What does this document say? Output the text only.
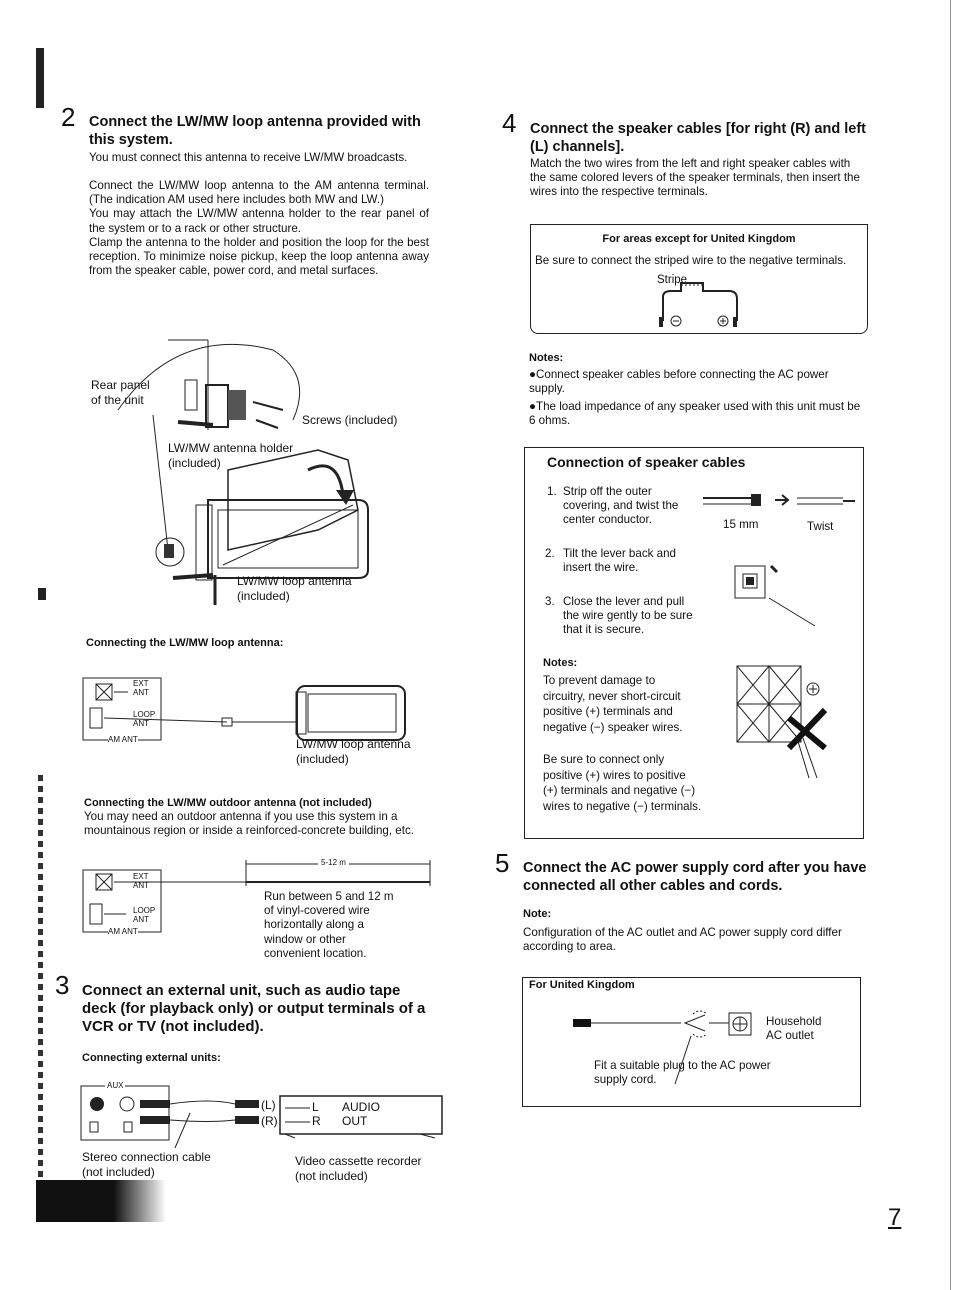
2 Connect the LW/MW loop antenna provided with this system.
You must connect this antenna to receive LW/MW broadcasts.
Connect the LW/MW loop antenna to the AM antenna terminal. (The indication AM used here includes both MW and LW.)
You may attach the LW/MW antenna holder to the rear panel of the system or to a rack or other structure.
Clamp the antenna to the holder and position the loop for the best reception. To minimize noise pickup, keep the loop antenna away from the speaker cable, power cord, and metal surfaces.
Rear panel
of the unit
Screws (included)
LW/MW antenna holder
(included)
LW/MW loop antenna
(included)
Connecting the LW/MW loop antenna:
EXT ANT
LOOP ANT
AM ANT	LW/MW loop antenna
(included)
Connecting the LW/MW outdoor antenna (not included)
You may need an outdoor antenna if you use this system in a mountainous region or inside a reinforced-concrete building, etc.
5-12 m
EXT ANT
LOOP ANT
AM ANT
Run between 5 and 12 m
of vinyl-covered wire
horizontally along a
window or other
convenient location.
3 Connect an external unit, such as audio tape deck (for playback only) or output terminals of a VCR or TV (not included).
Connecting external units:
AUX
(L)
(R)
L
R
AUDIO
OUT
Stereo connection cable
(not included)
Video cassette recorder
(not included)
4 Connect the speaker cables [for right (R) and left (L) channels].
Match the two wires from the left and right speaker cables with the same colored levers of the speaker terminals, then insert the wires into the respective terminals.
For areas except for United Kingdom
Be sure to connect the striped wire to the negative terminals.
Stripe
Notes:
●Connect speaker cables before connecting the AC power supply.
●The load impedance of any speaker used with this unit must be 6 ohms.
Connection of speaker cables
1. Strip off the outer covering, and twist the center conductor.
2. Tilt the lever back and insert the wire.
3. Close the lever and pull the wire gently to be sure that it is secure.
15 mm	Twist
Notes:
To prevent damage to circuitry, never short-circuit positive (+) terminals and negative (−) speaker wires.
Be sure to connect only positive (+) wires to positive (+) terminals and negative (−) wires to negative (−) terminals.
5 Connect the AC power supply cord after you have connected all other cables and cords.
Note:
Configuration of the AC outlet and AC power supply cord differ according to area.
For United Kingdom
Household
AC outlet
Fit a suitable plug to the AC power
supply cord.
7
